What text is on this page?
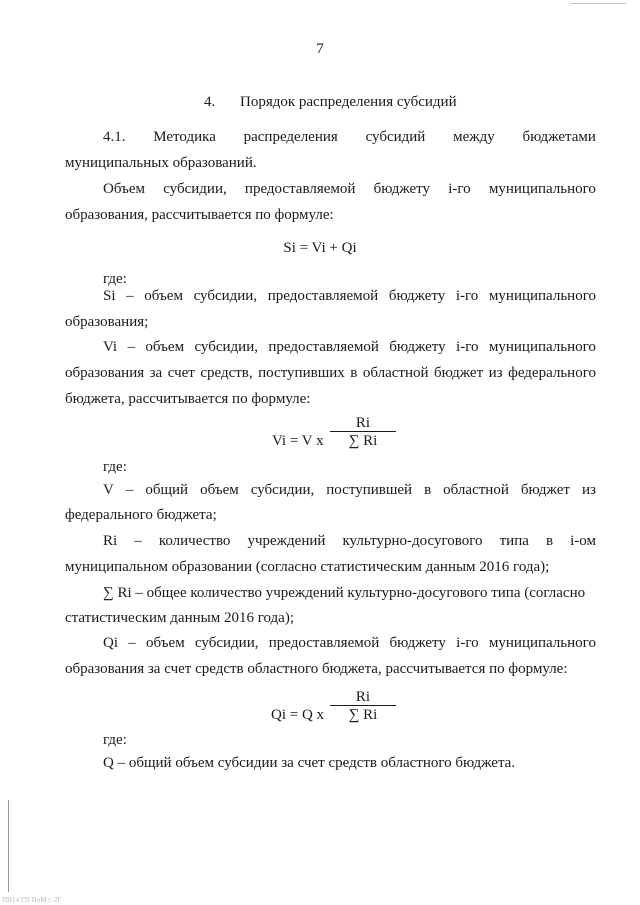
7
4. Порядок распределения субсидий
4.1. Методика распределения субсидий между бюджетами
муниципальных образований.
Объем субсидии, предоставляемой бюджету i-го муниципального
образования, рассчитывается по формуле:
Si = Vi + Qi
где:
Si – объем субсидии, предоставляемой бюджету i-го муниципального
образования;
Vi – объем субсидии, предоставляемой бюджету i-го муниципального
образования за счет средств, поступивших в областной бюджет из федерального
бюджета, рассчитывается по формуле:
Vi = V x
Ri
∑ Ri
где:
V – общий объем субсидии, поступившей в областной бюджет из
федерального бюджета;
Ri – количество учреждений культурно-досугового типа в i-ом
муниципальном образовании (согласно статистическим данным 2016 года);
∑ Ri – общее количество учреждений культурно-досугового типа (согласно
статистическим данным 2016 года);
Qi – объем субсидии, предоставляемой бюджету i-го муниципального
образования за счет средств областного бюджета, рассчитывается по формуле:
Qi = Q x
Ri
∑ Ri
где:
Q – общий объем субсидии за счет средств областного бюджета.
ПН14 ГП ПоМ г. 2Г
